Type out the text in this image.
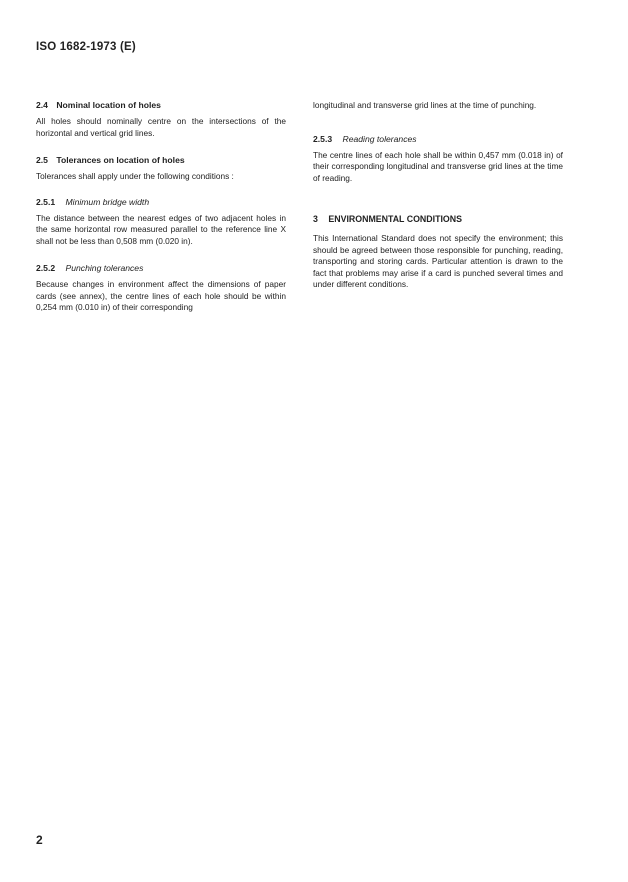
ISO 1682-1973 (E)
2.4 Nominal location of holes

All holes should nominally centre on the intersections of the horizontal and vertical grid lines.

2.5 Tolerances on location of holes

Tolerances shall apply under the following conditions :

2.5.1 Minimum bridge width

The distance between the nearest edges of two adjacent holes in the same horizontal row measured parallel to the reference line X shall not be less than 0,508 mm (0.020 in).

2.5.2 Punching tolerances

Because changes in environment affect the dimensions of paper cards (see annex), the centre lines of each hole should be within 0,254 mm (0.010 in) of their corresponding

longitudinal and transverse grid lines at the time of punching.

2.5.3 Reading tolerances

The centre lines of each hole shall be within 0,457 mm (0.018 in) of their corresponding longitudinal and transverse grid lines at the time of reading.

3 ENVIRONMENTAL CONDITIONS

This International Standard does not specify the environment; this should be agreed between those responsible for punching, reading, transporting and storing cards. Particular attention is drawn to the fact that problems may arise if a card is punched several times and under different conditions.

2
